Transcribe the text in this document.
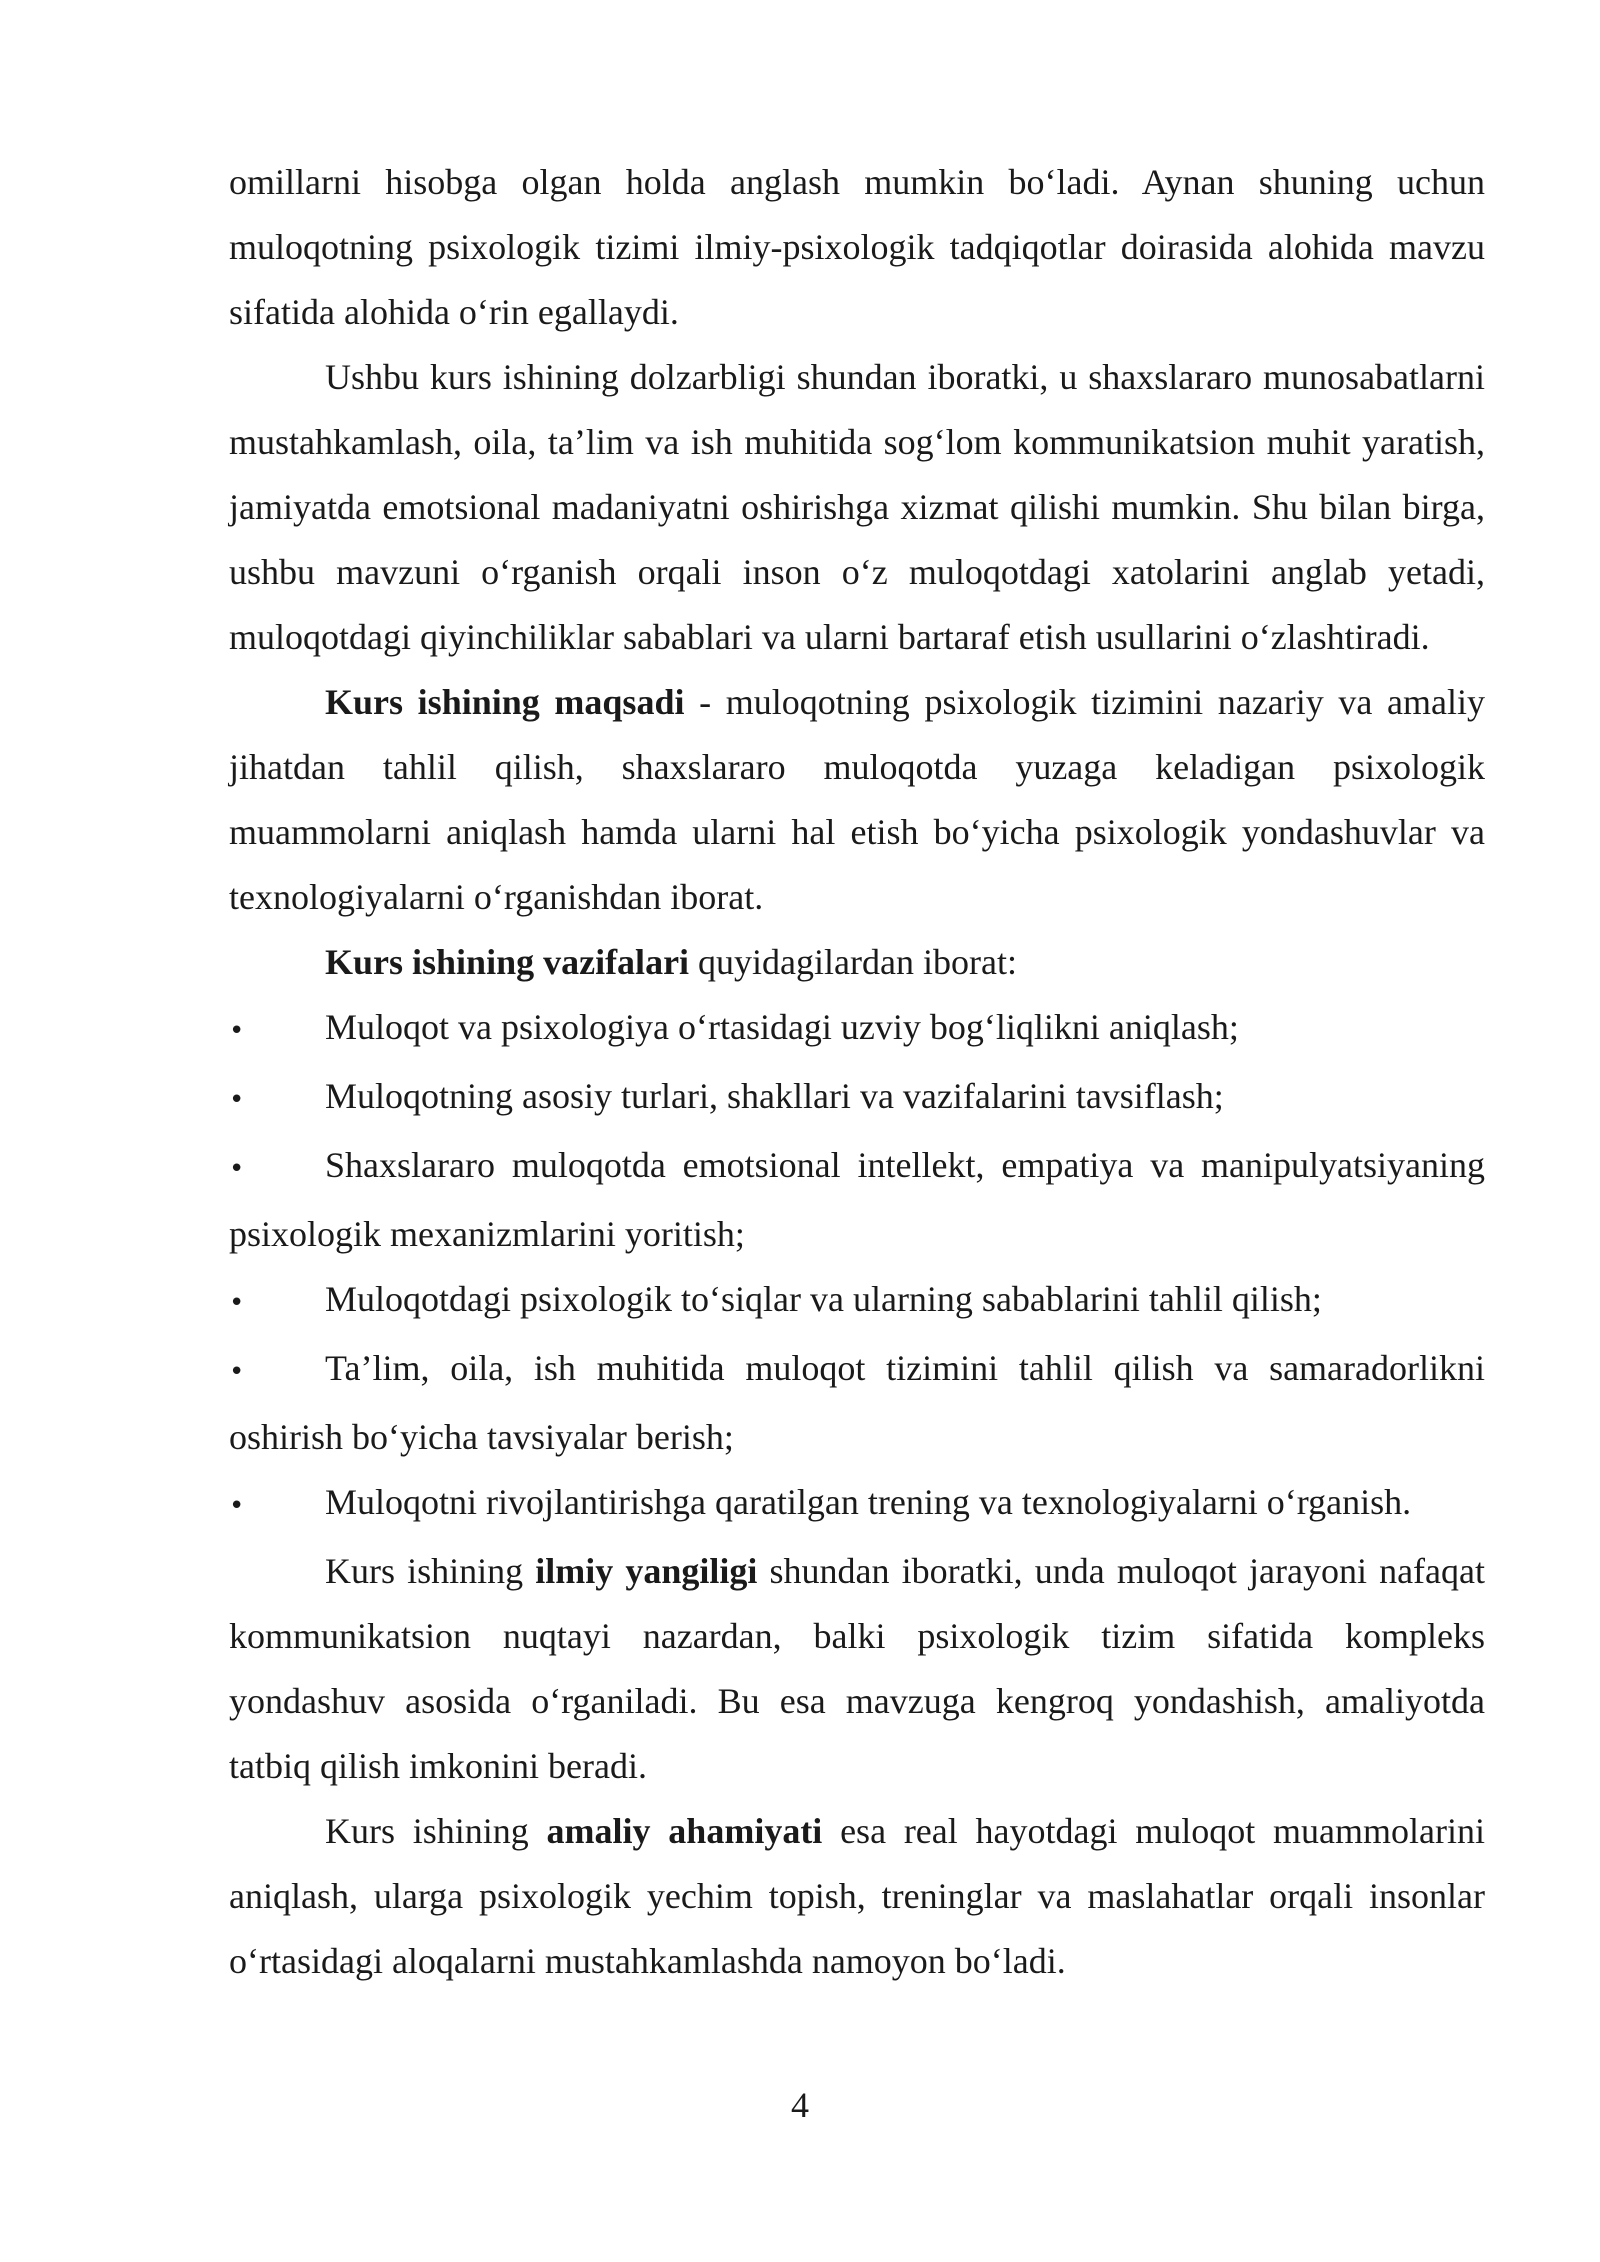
omillarni hisobga olgan holda anglash mumkin bo‘ladi. Aynan shuning uchun muloqotning psixologik tizimi ilmiy-psixologik tadqiqotlar doirasida alohida mavzu sifatida alohida o‘rin egallaydi.

Ushbu kurs ishining dolzarbligi shundan iboratki, u shaxslararo munosabatlarni mustahkamlash, oila, ta’lim va ish muhitida sog‘lom kommunikatsion muhit yaratish, jamiyatda emotsional madaniyatni oshirishga xizmat qilishi mumkin. Shu bilan birga, ushbu mavzuni o‘rganish orqali inson o‘z muloqotdagi xatolarini anglab yetadi, muloqotdagi qiyinchiliklar sabablari va ularni bartaraf etish usullarini o‘zlashtiradi.

Kurs ishining maqsadi - muloqotning psixologik tizimini nazariy va amaliy jihatdan tahlil qilish, shaxslararo muloqotda yuzaga keladigan psixologik muammolarni aniqlash hamda ularni hal etish bo‘yicha psixologik yondashuvlar va texnologiyalarni o‘rganishdan iborat.

Kurs ishining vazifalari quyidagilardan iborat:

Muloqot va psixologiya o‘rtasidagi uzviy bog‘liqlikni aniqlash;

Muloqotning asosiy turlari, shakllari va vazifalarini tavsiflash;

Shaxslararo muloqotda emotsional intellekt, empatiya va manipulyatsiyaning psixologik mexanizmlarini yoritish;

Muloqotdagi psixologik to‘siqlar va ularning sabablarini tahlil qilish;

Ta’lim, oila, ish muhitida muloqot tizimini tahlil qilish va samaradorlikni oshirish bo‘yicha tavsiyalar berish;

Muloqotni rivojlantirishga qaratilgan trening va texnologiyalarni o‘rganish.

Kurs ishining ilmiy yangiligi shundan iboratki, unda muloqot jarayoni nafaqat kommunikatsion nuqtayi nazardan, balki psixologik tizim sifatida kompleks yondashuv asosida o‘rganiladi. Bu esa mavzuga kengroq yondashish, amaliyotda tatbiq qilish imkonini beradi.

Kurs ishining amaliy ahamiyati esa real hayotdagi muloqot muammolarini aniqlash, ularga psixologik yechim topish, treninglar va maslahatlar orqali insonlar o‘rtasidagi aloqalarni mustahkamlashda namoyon bo‘ladi.

4
